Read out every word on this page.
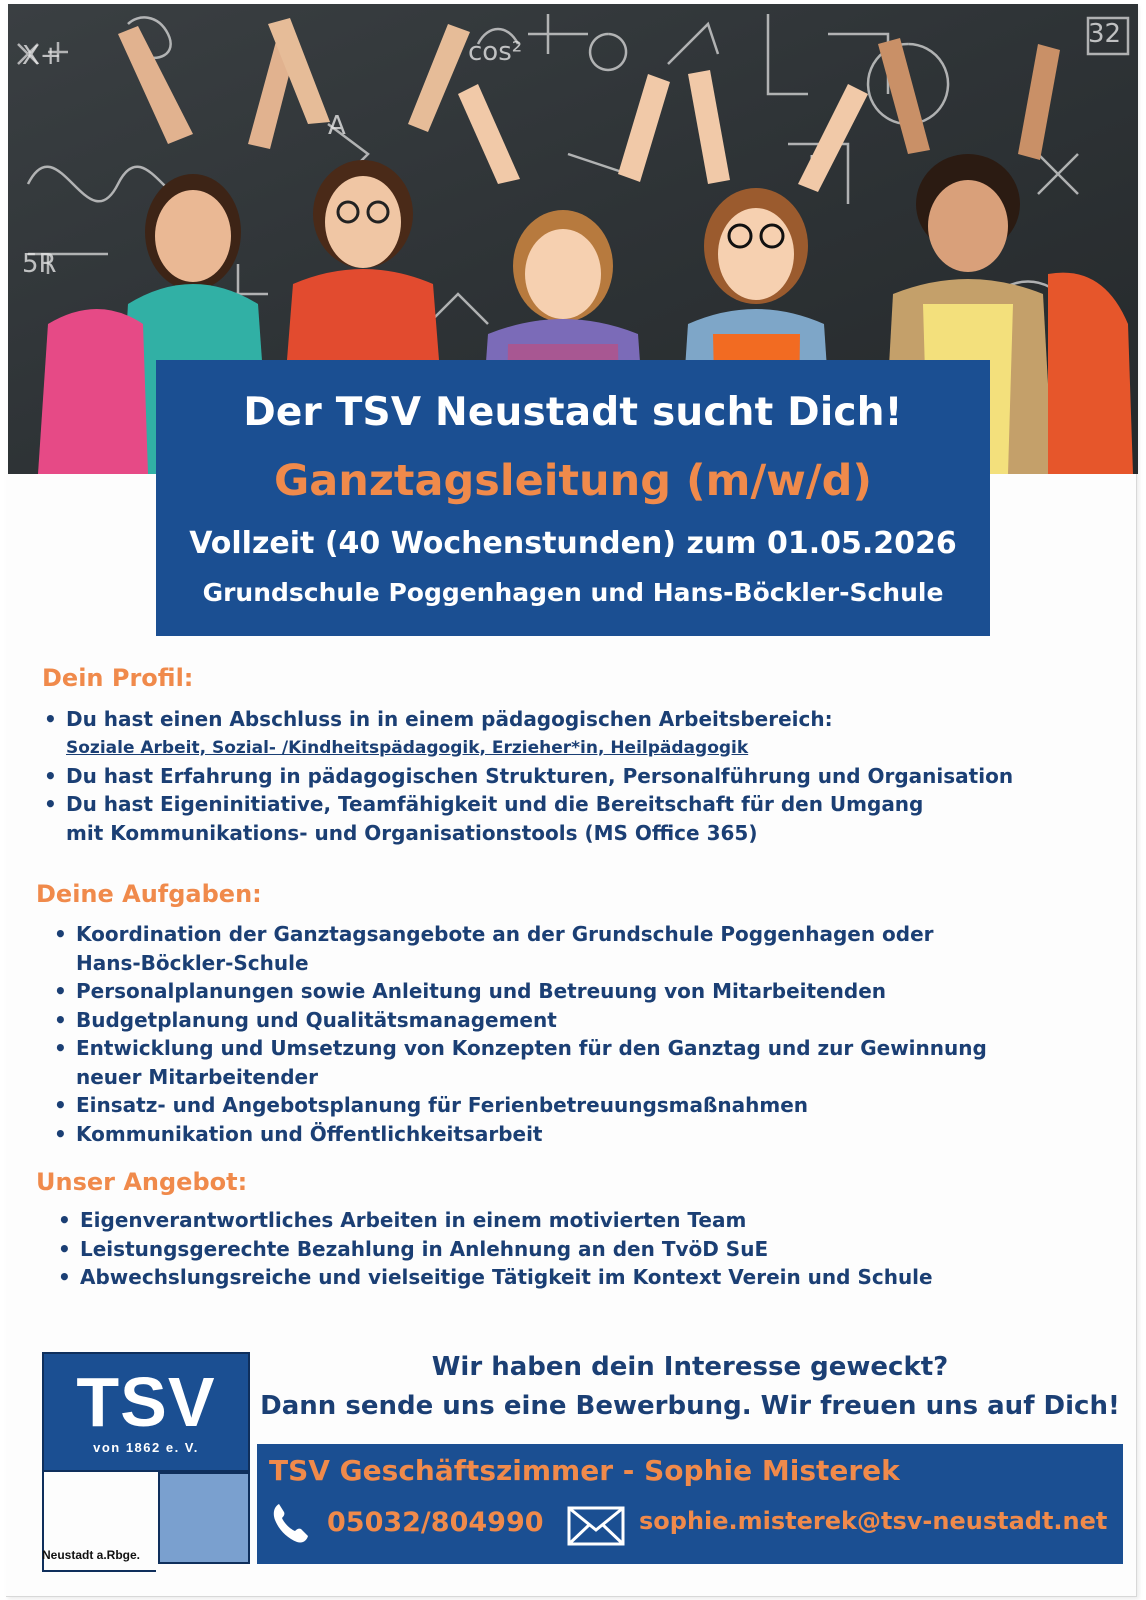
X+	cos²
32
5R
A
Der TSV Neustadt sucht Dich!
Ganztagsleitung (m/w/d)
Vollzeit (40 Wochenstunden) zum 01.05.2026
Grundschule Poggenhagen und Hans-Böckler-Schule
Dein Profil:
• Du hast einen Abschluss in in einem pädagogischen Arbeitsbereich:
Soziale Arbeit, Sozial- /Kindheitspädagogik, Erzieher*in, Heilpädagogik
• Du hast Erfahrung in pädagogischen Strukturen, Personalführung und Organisation
• Du hast Eigeninitiative, Teamfähigkeit und die Bereitschaft für den Umgang mit Kommunikations- und Organisationstools (MS Office 365)
Deine Aufgaben:
• Koordination der Ganztagsangebote an der Grundschule Poggenhagen oder Hans-Böckler-Schule
• Personalplanungen sowie Anleitung und Betreuung von Mitarbeitenden
• Budgetplanung und Qualitätsmanagement
• Entwicklung und Umsetzung von Konzepten für den Ganztag und zur Gewinnung neuer Mitarbeitender
• Einsatz- und Angebotsplanung für Ferienbetreuungsmaßnahmen
• Kommunikation und Öffentlichkeitsarbeit
Unser Angebot:
• Eigenverantwortliches Arbeiten in einem motivierten Team
• Leistungsgerechte Bezahlung in Anlehnung an den TvöD SuE
• Abwechslungsreiche und vielseitige Tätigkeit im Kontext Verein und Schule
TSV
von 1862 e. V.
Neustadt a.Rbge.
Wir haben dein Interesse geweckt?
Dann sende uns eine Bewerbung. Wir freuen uns auf Dich!
TSV Geschäftszimmer - Sophie Misterek
05032/804990	sophie.misterek@tsv-neustadt.net
